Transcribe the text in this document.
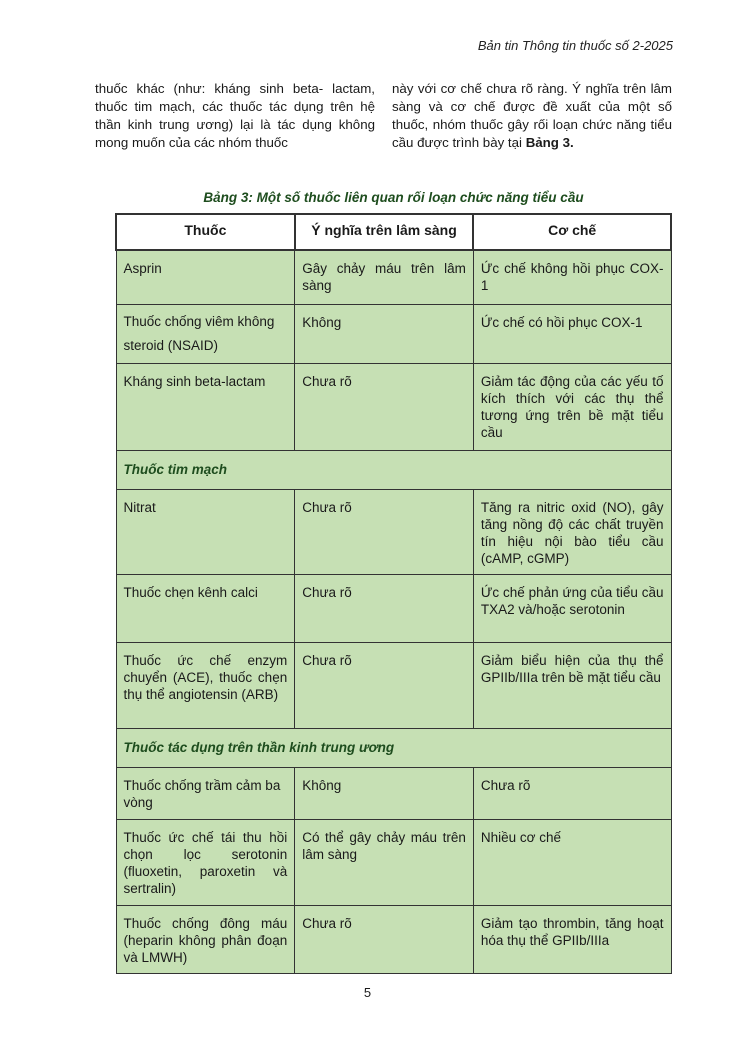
Bản tin Thông tin thuốc số 2-2025
thuốc khác (như: kháng sinh beta- lactam, thuốc tim mạch, các thuốc tác dụng trên hệ thần kinh trung ương) lại là tác dụng không mong muốn của các nhóm thuốc
này với cơ chế chưa rõ ràng. Ý nghĩa trên lâm sàng và cơ chế được đề xuất của một số thuốc, nhóm thuốc gây rối loạn chức năng tiểu cầu được trình bày tại Bảng 3.
Bảng 3: Một số thuốc liên quan rối loạn chức năng tiểu cầu
Thuốc	Ý nghĩa trên lâm sàng	Cơ chế
Asprin	Gây chảy máu trên lâm sàng	Ức chế không hồi phục COX-1
Thuốc chống viêm không steroid (NSAID)	Không	Ức chế có hồi phục COX-1
Kháng sinh beta-lactam	Chưa rõ	Giảm tác động của các yếu tố kích thích với các thụ thể tương ứng trên bề mặt tiểu cầu
Thuốc tim mạch		
Nitrat	Chưa rõ	Tăng ra nitric oxid (NO), gây tăng nồng độ các chất truyền tín hiệu nội bào tiểu cầu (cAMP, cGMP)
Thuốc chẹn kênh calci	Chưa rõ	Ức chế phản ứng của tiểu cầu TXA2 và/hoặc serotonin
Thuốc ức chế enzym chuyển (ACE), thuốc chẹn thụ thể angiotensin (ARB)	Chưa rõ	Giảm biểu hiện của thụ thể GPIIb/IIIa trên bề mặt tiểu cầu
Thuốc tác dụng trên thần kinh trung ương		
Thuốc chống trầm cảm ba vòng	Không	Chưa rõ
Thuốc ức chế tái thu hồi chọn lọc serotonin (fluoxetin, paroxetin và sertralin)	Có thể gây chảy máu trên lâm sàng	Nhiều cơ chế
Thuốc chống đông máu (heparin không phân đoạn và LMWH)	Chưa rõ	Giảm tạo thrombin, tăng hoạt hóa thụ thể GPIIb/IIIa
5
